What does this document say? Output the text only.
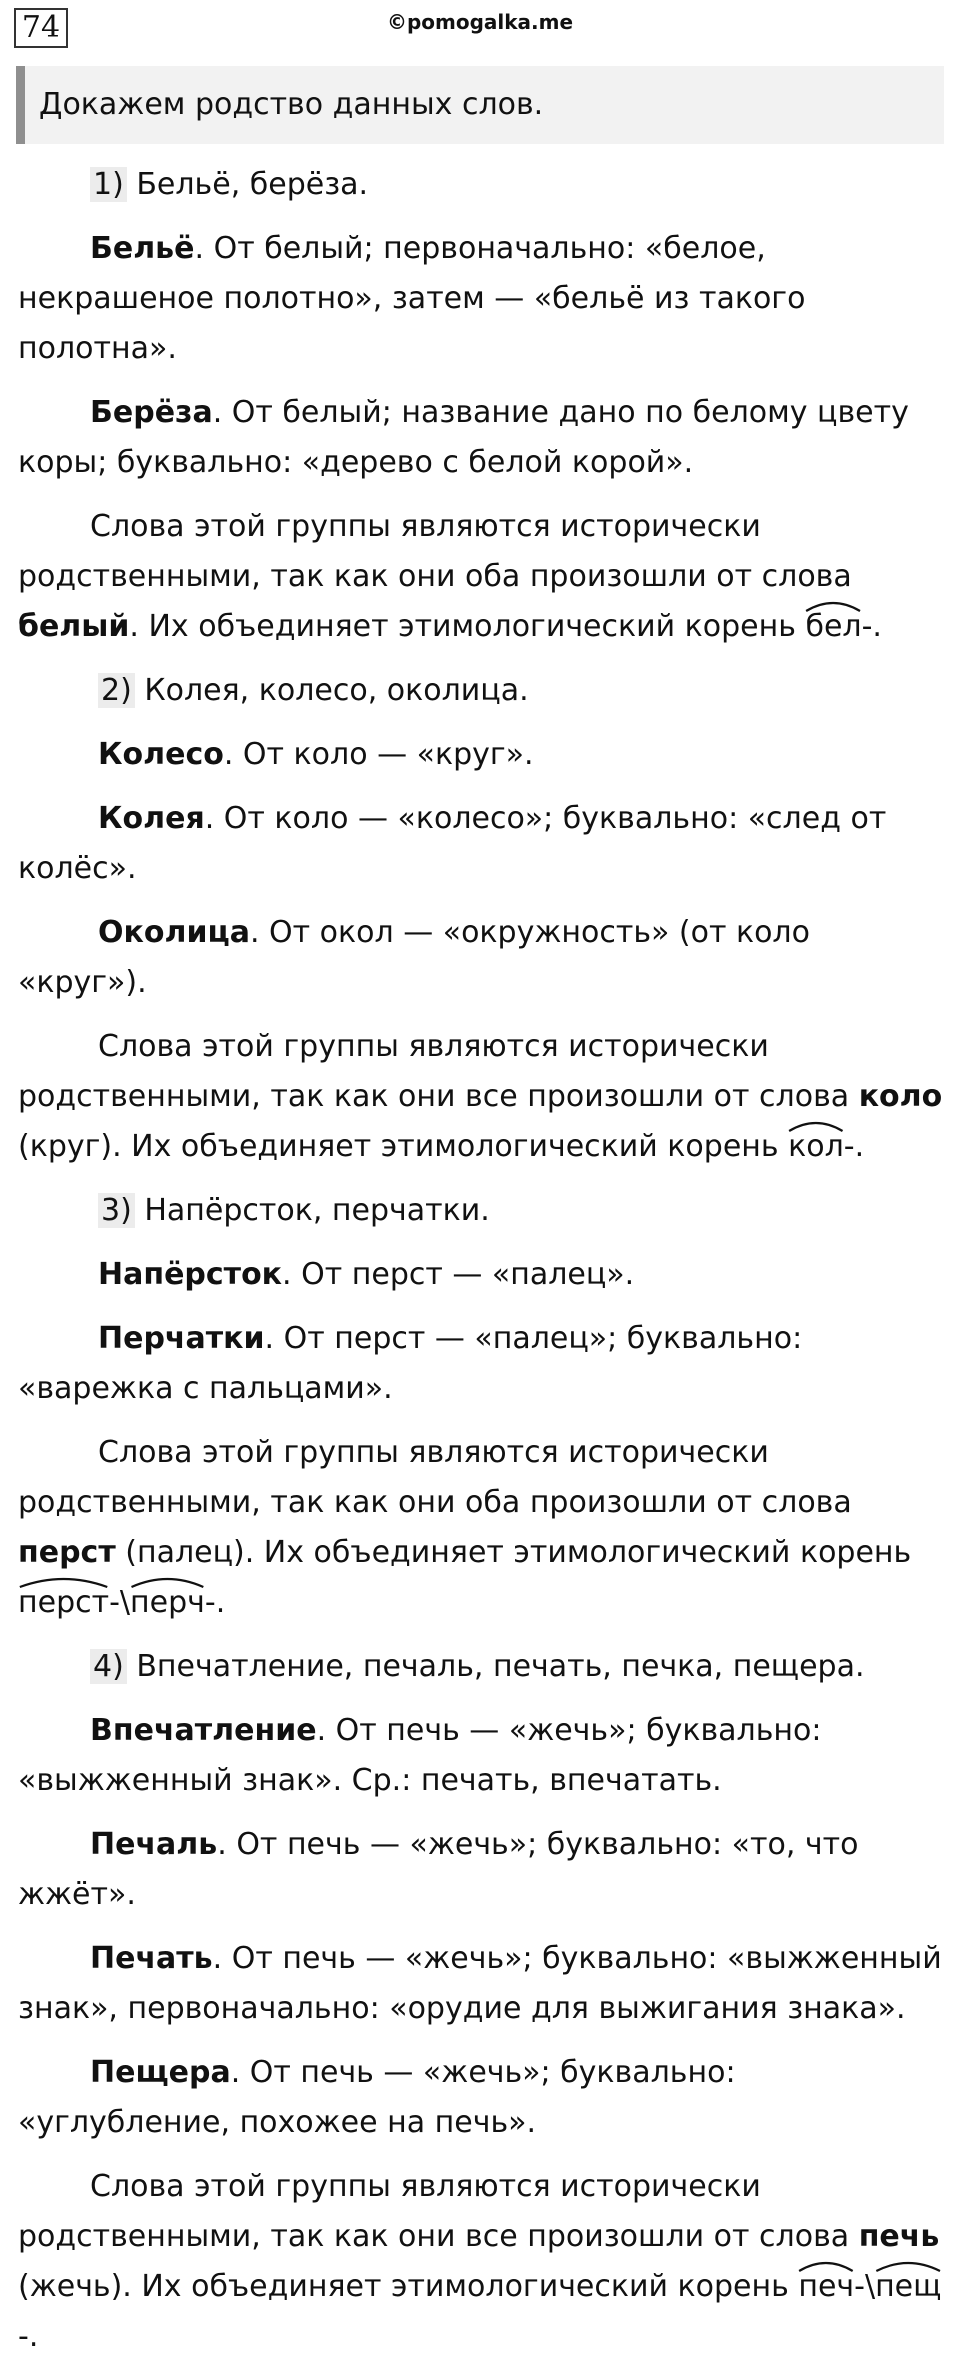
74	©pomogalka.me
Докажем родство данных слов.

1) Бельё, берёза.

Бельё. От белый; первоначально: «белое, некрашеное полотно», затем — «бельё из такого полотна».

Берёза. От белый; название дано по белому цвету коры; буквально: «дерево с белой корой».

Слова этой группы являются исторически родственными, так как они оба произошли от слова белый. Их объединяет этимологический корень
бел-.

2) Колея, колесо, околица.

Колесо. От коло — «круг».

Колея. От коло — «колесо»; буквально: «след от колёс».

Околица. От окол — «окружность» (от коло «круг»).

Слова этой группы являются исторически родственными, так как они все произошли от слова коло (круг). Их объединяет этимологический корень
кол-.

3) Напёрсток, перчатки.

Напёрсток. От перст — «палец».

Перчатки. От перст — «палец»; буквально: «варежка с пальцами».

Слова этой группы являются исторически родственными, так как они оба произошли от слова перст (палец). Их объединяет этимологический корень
перст-\
перч-.

4) Впечатление, печаль, печать, печка, пещера.

Впечатление. От печь — «жечь»; буквально: «выжженный знак». Ср.: печать, впечатать.

Печаль. От печь — «жечь»; буквально: «то, что жжёт».

Печать. От печь — «жечь»; буквально: «выжженный знак», первоначально: «орудие для выжигания знака».

Пещера. От печь — «жечь»; буквально: «углубление, похожее на печь».

Слова этой группы являются исторически родственными, так как они все произошли от слова печь (жечь). Их объединяет этимологический корень
печ-\
пещ-.
